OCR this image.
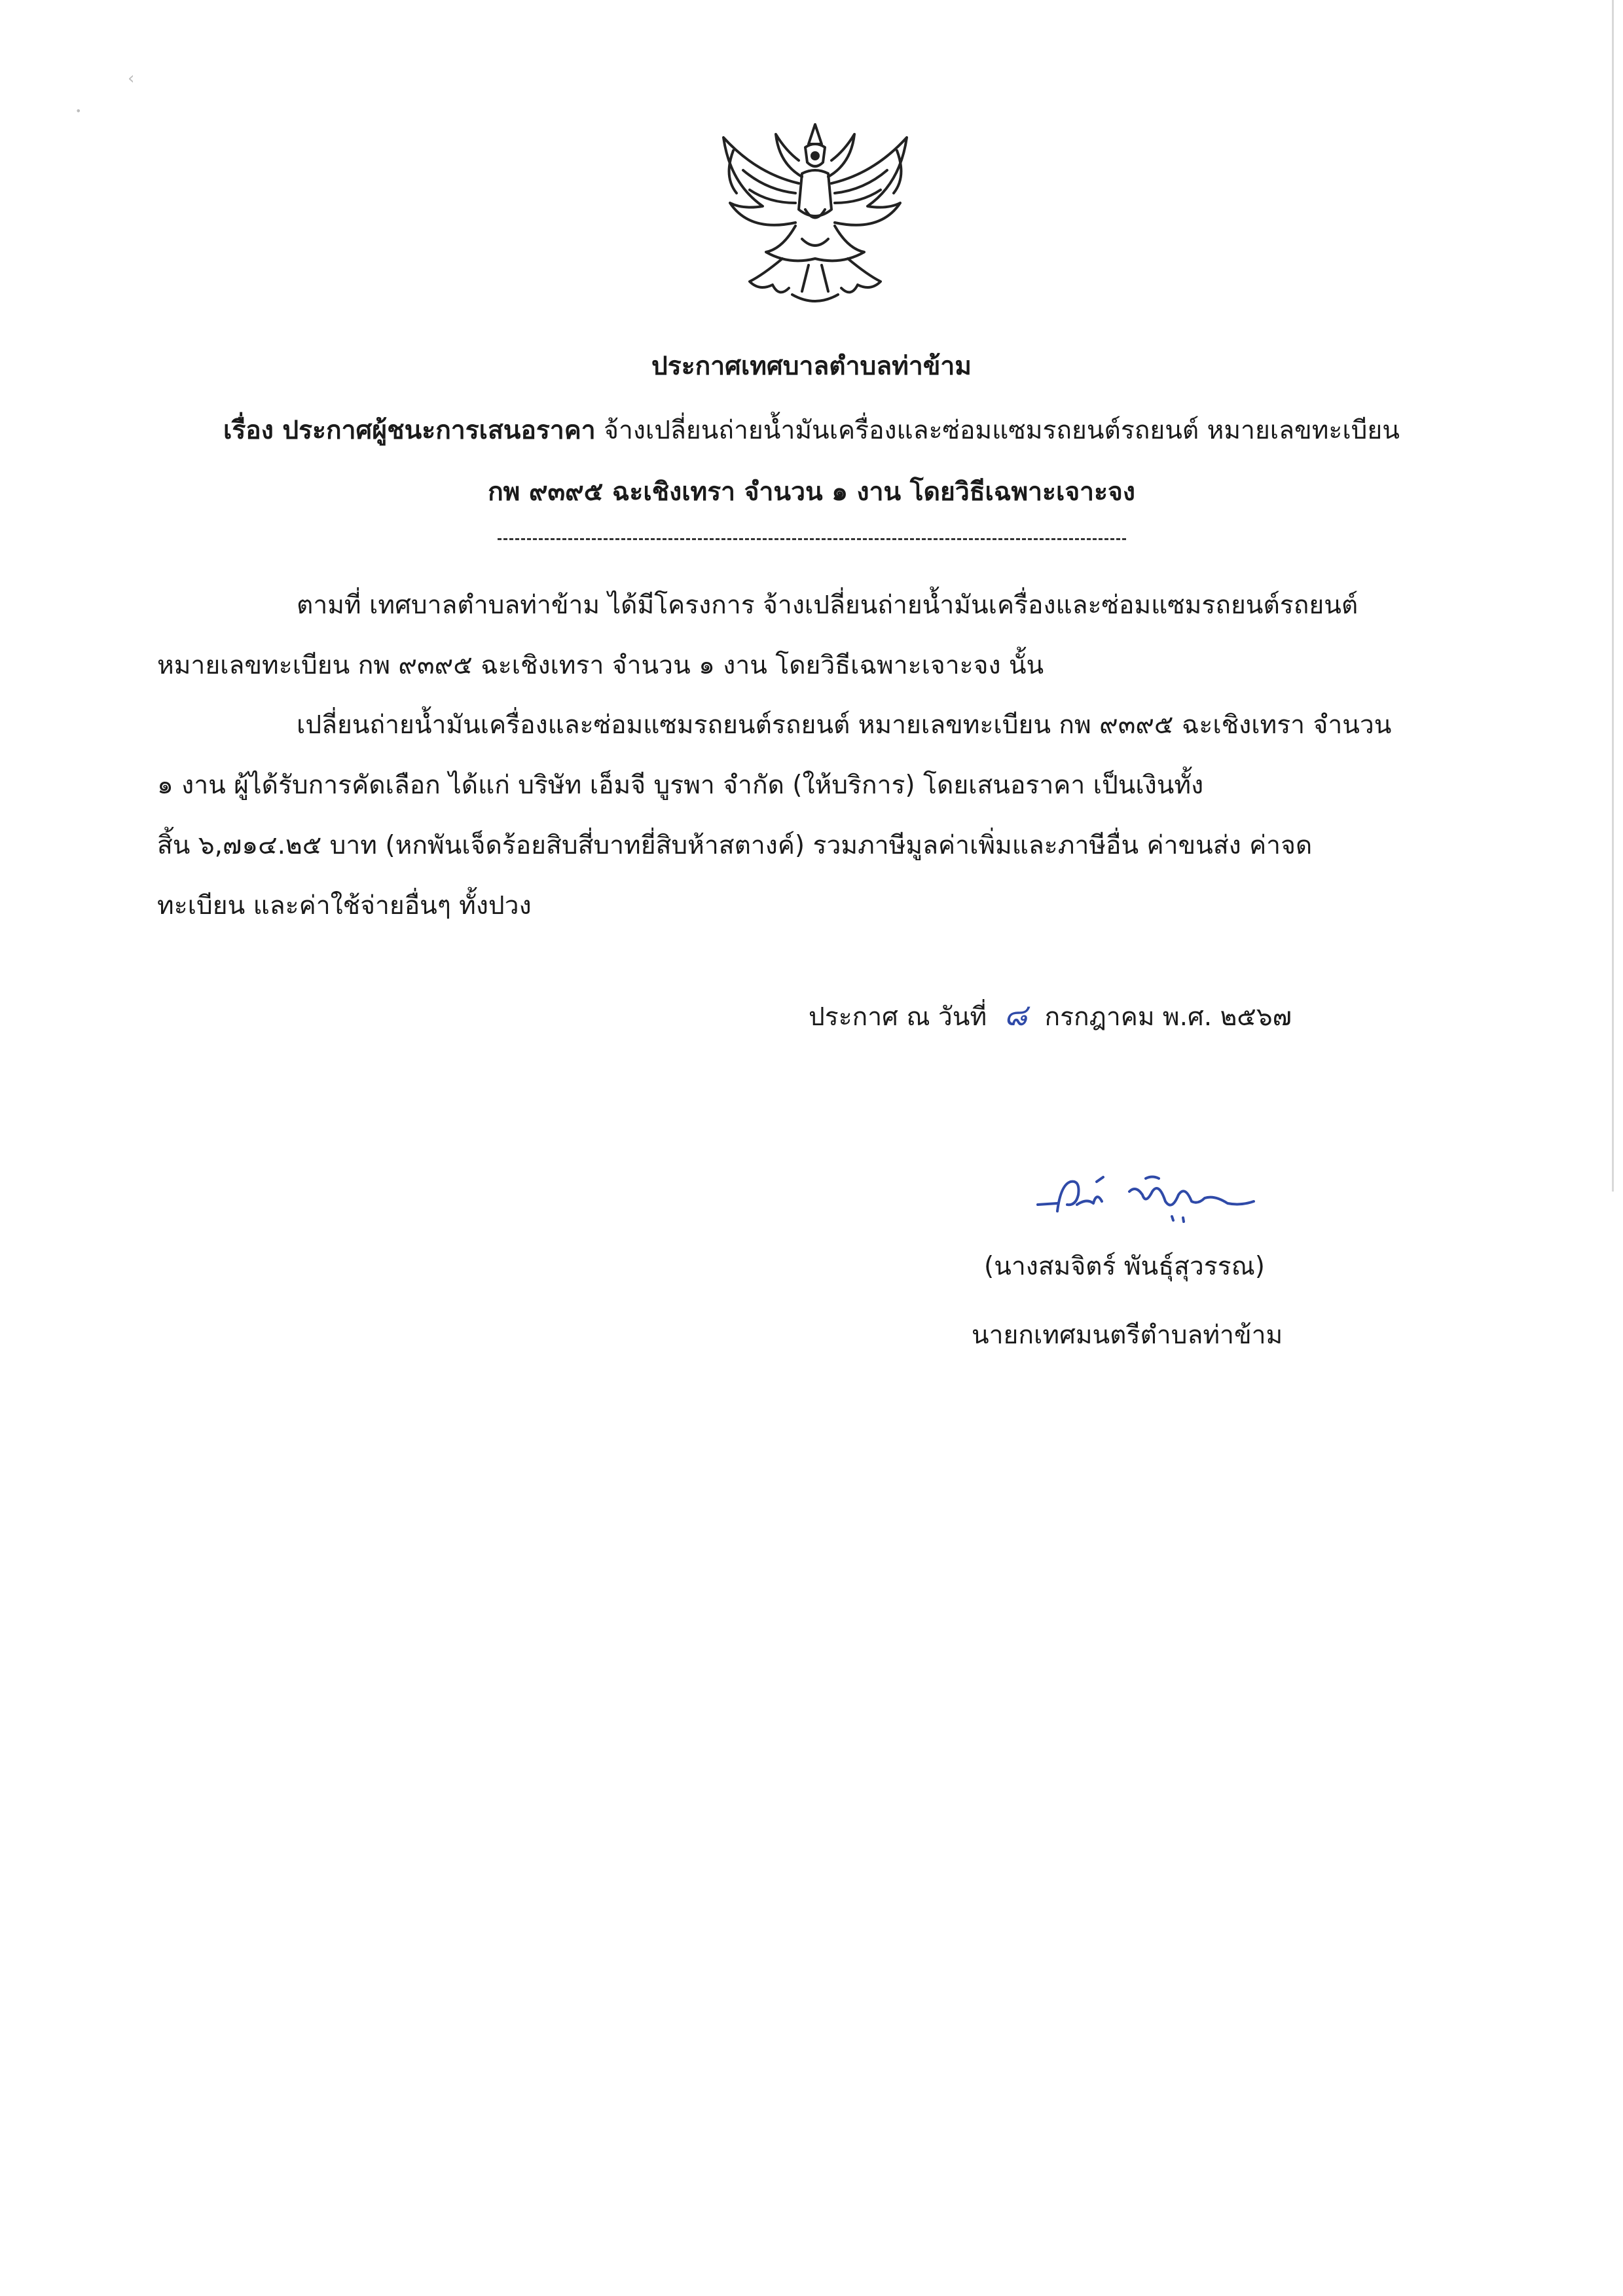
‹
•
ประกาศเทศบาลตำบลท่าข้าม
เรื่อง ประกาศผู้ชนะการเสนอราคา จ้างเปลี่ยนถ่ายน้ำมันเครื่องและซ่อมแซมรถยนต์รถยนต์ หมายเลขทะเบียน
กพ ๙๓๙๕ ฉะเชิงเทรา จำนวน ๑ งาน โดยวิธีเฉพาะเจาะจง
ตามที่ เทศบาลตำบลท่าข้าม ได้มีโครงการ จ้างเปลี่ยนถ่ายน้ำมันเครื่องและซ่อมแซมรถยนต์รถยนต์
หมายเลขทะเบียน กพ ๙๓๙๕ ฉะเชิงเทรา จำนวน ๑ งาน โดยวิธีเฉพาะเจาะจง นั้น
เปลี่ยนถ่ายน้ำมันเครื่องและซ่อมแซมรถยนต์รถยนต์ หมายเลขทะเบียน กพ ๙๓๙๕ ฉะเชิงเทรา จำนวน
๑ งาน ผู้ได้รับการคัดเลือก ได้แก่ บริษัท เอ็มจี บูรพา จำกัด (ให้บริการ) โดยเสนอราคา เป็นเงินทั้ง
สิ้น ๖,๗๑๔.๒๕ บาท (หกพันเจ็ดร้อยสิบสี่บาทยี่สิบห้าสตางค์) รวมภาษีมูลค่าเพิ่มและภาษีอื่น ค่าขนส่ง ค่าจด
ทะเบียน และค่าใช้จ่ายอื่นๆ ทั้งปวง
ประกาศ ณ วันที่ ๘ กรกฎาคม พ.ศ. ๒๕๖๗
(นางสมจิตร์ พันธุ์สุวรรณ)
นายกเทศมนตรีตำบลท่าข้าม
